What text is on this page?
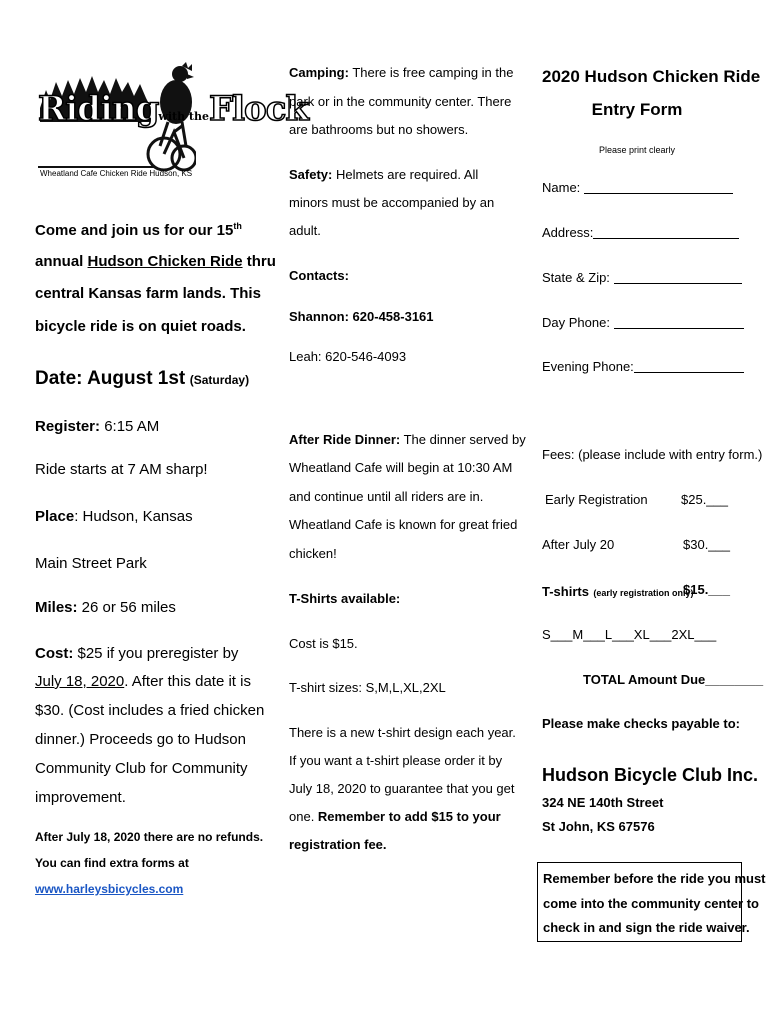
Ridingwith theFlock
Wheatland Cafe Chicken Ride Hudson, KS
Come and join us for our 15th
annual Hudson Chicken Ride thru
central Kansas farm lands. This
bicycle ride is on quiet roads.
Date: August 1st (Saturday)
Register: 6:15 AM
Ride starts at 7 AM sharp!
Place: Hudson, Kansas
Main Street Park
Miles: 26 or 56 miles
Cost: $25 if you preregister by
July 18, 2020. After this date it is
$30. (Cost includes a fried chicken
dinner.) Proceeds go to Hudson
Community Club for Community
improvement.
After July 18, 2020 there are no refunds.
You can find extra forms at
www.harleysbicycles.com
Camping: There is free camping in the
park or in the community center. There
are bathrooms but no showers.
Safety: Helmets are required. All
minors must be accompanied by an
adult.
Contacts:
Shannon: 620-458-3161
Leah: 620-546-4093
After Ride Dinner: The dinner served by
Wheatland Cafe will begin at 10:30 AM
and continue until all riders are in.
Wheatland Cafe is known for great fried
chicken!
T-Shirts available:
Cost is $15.
T-shirt sizes: S,M,L,XL,2XL
There is a new t-shirt design each year.
If you want a t-shirt please order it by
July 18, 2020 to guarantee that you get
one. Remember to add $15 to your
registration fee.
2020 Hudson Chicken Ride
Entry Form
Please print clearly
Name:
Address:
State & Zip:
Day Phone:
Evening Phone:
Fees: (please include with entry form.)
Early Registration	$25.___
After July 20	$30.___
T-shirts (early registration only)
$15.___
S___M___L___XL___2XL___
TOTAL Amount Due________
Please make checks payable to:
Hudson Bicycle Club Inc.
324 NE 140th Street
St John, KS 67576
Remember before the ride you must
come into the community center to
check in and sign the ride waiver.
